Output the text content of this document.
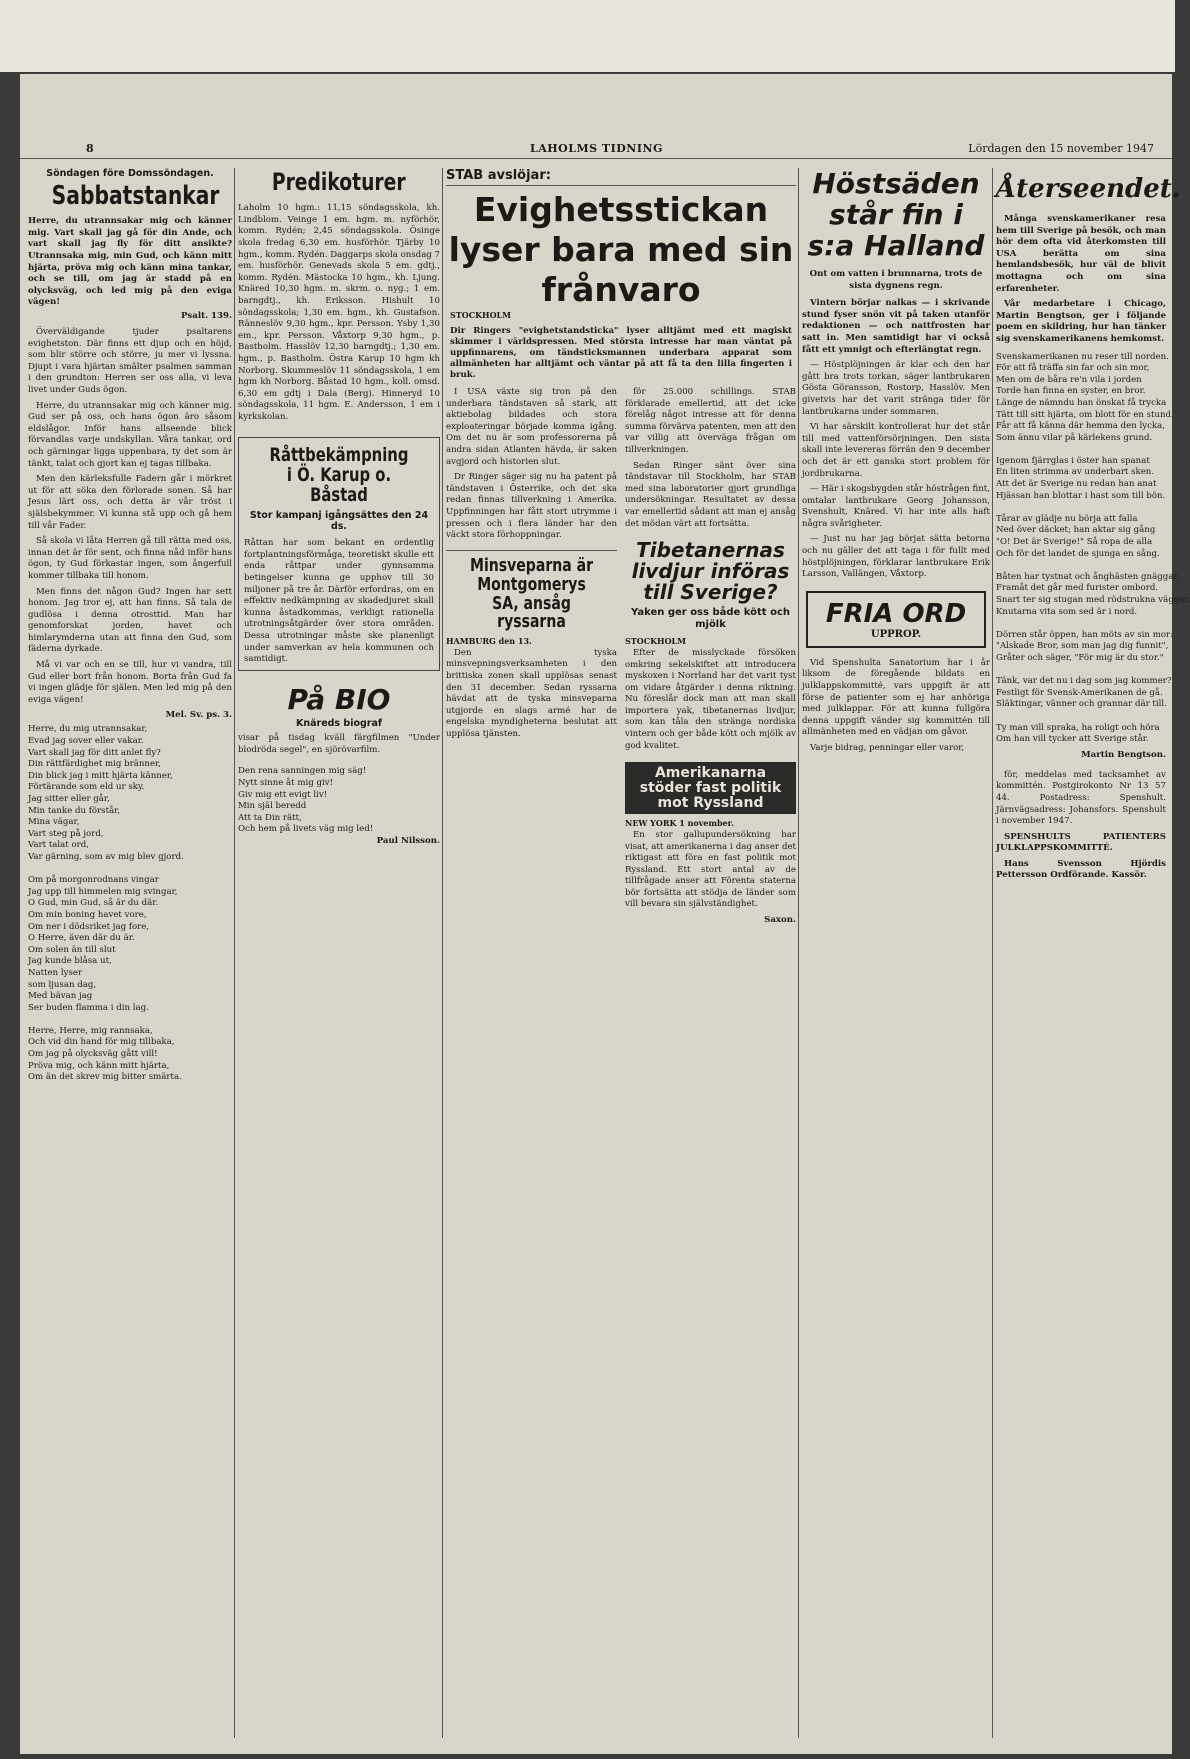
8	LAHOLMS TIDNING	Lördagen den 15 november 1947
Söndagen före Domssöndagen.
Sabbatstankar
Herre, du utrannsakar mig och känner mig. Vart skall jag gå för din Ande, och vart skall jag fly för ditt ansikte? Utrannsaka mig, min Gud, och känn mitt hjärta, pröva mig och känn mina tankar, och se till, om jag är stadd på en olycksväg, och led mig på den eviga vägen!
Psalt. 139.

Överväldigande tjuder psaltarens evighetston. Där finns ett djup och en höjd, som blir större och större, ju mer vi lyssna. Djupt i vara hjärtan smälter psalmen samman i den grundton: Herren ser oss alla, vi leva livet under Guds ögon.

Herre, du utrannsakar mig och känner mig. Gud ser på oss, och hans ögon äro såsom eldslågor. Inför hans allseende blick förvandlas varje undskyllan. Våra tankar, ord och gärningar ligga uppenbara, ty det som är tänkt, talat och gjort kan ej tagas tillbaka.

Men den kärleksfulle Fadern går i mörkret ut för att söka den förlorade sonen. Så har Jesus lärt oss, och detta är vår tröst i själsbekymmer. Vi kunna stå upp och gå hem till vår Fader.

Så skola vi låta Herren gå till rätta med oss, innan det är för sent, och finna nåd inför hans ögon, ty Gud förkastar ingen, som ångerfull kommer tillbaka till honom.

Men finns det någon Gud? Ingen har sett honom. Jag tror ej, att han finns. Så tala de gudlösa i denna otrosttid. Man har genomforskat jorden, havet och himlarymderna utan att finna den Gud, som fäderna dyrkade.

Må vi var och en se till, hur vi vandra, till Gud eller bort från honom. Borta från Gud fa vi ingen glädje för själen. Men led mig på den eviga vägen!

Mel. Sv. ps. 3.
Herre, du mig utrannsakar,
Evad jag sover eller vakar.
Vart skall jag för ditt anlet fly?
Din rättfärdighet mig bränner,
Din blick jag i mitt hjärta känner,
Förtärande som eld ur sky.
Jag sitter eller går,
Min tanke du förstår,
Mina vägar,
Vart steg på jord,
Vart talat ord,
Var gärning, som av mig blev gjord.

Om på morgonrodnans vingar
Jag upp till himmelen mig svingar,
O Gud, min Gud, så är du där.
Om min boning havet vore,
Om ner i dödsriket jag fore,
O Herre, även där du är.
Om solen än till slut
Jag kunde blåsa ut,
Natten lyser
som ljusan dag,
Med bävan jag
Ser buden flamma i din lag.

Herre, Herre, mig rannsaka,
Och vid din hand för mig tillbaka,
Om jag på olycksväg gått vill!
Pröva mig, och känn mitt hjärta,
Om än det skrev mig bitter smärta.
Predikoturer
Laholm 10 hgm.: 11,15 söndagsskola, kh. Lindblom. Veinge 1 em. hgm. m. nyförhör, komm. Rydén; 2,45 söndagsskola. Ösinge skola fredag 6,30 em. husförhör. Tjärby 10 hgm., komm. Rydén. Daggarps skola onsdag 7 em. husförhör. Genevads skola 5 em. gdtj., komm. Rydén. Mästocka 10 hgm., kh. Ljung. Knäred 10,30 hgm. m. skrm. o. nyg.; 1 em. barngdtj., kh. Eriksson. Hishult 10 söndagsskola; 1,30 em. hgm., kh. Gustafson. Ränneslöv 9,30 hgm., kpr. Persson. Ysby 1,30 em., kpr. Persson. Våxtorp 9,30 hgm., p. Bastholm. Hasslöv 12,30 barngdtj.; 1,30 em. hgm., p. Bastholm. Östra Karup 10 hgm kh Norborg. Skummeslöv 11 söndagsskola, 1 em hgm kh Norborg. Båstad 10 hgm., koll. omsd. 6,30 em gdtj i Dala (Berg). Hinneryd 10 söndagsskola, 11 hgm. E. Andersson, 1 em i kyrkskolan.
Råttbekämpning i Ö. Karup o. Båstad
Stor kampanj igångsättes den 24 ds.
Råttan har som bekant en ordentlig fortplantningsförmåga, teoretiskt skulle ett enda råttpar under gynnsamma betingelser kunna ge upphov till 30 miljoner på tre år. Därför erfordras, om en effektiv nedkämpning av skadedjuret skall kunna åstadkommas, verkligt rationella utrotningsåtgärder över stora områden. Dessa utrotningar måste ske planenligt under samverkan av hela kommunen och samtidigt.
På BIO
Knäreds biograf
visar på tisdag kväll färgfilmen "Under blodröda segel", en sjörövarfilm.
Den rena sanningen mig säg!
Nytt sinne åt mig giv!
Giv mig ett evigt liv!
Min själ beredd
Att ta Din rätt,
Och hem på livets väg mig led!
Paul Nilsson.
STAB avslöjar:
Evighetsstickan lyser bara med sin frånvaro
STOCKHOLM
Dir Ringers "evighetstandsticka" lyser alltjämt med ett magiskt skimmer i världspressen. Med största intresse har man väntat på uppfinnarens, om tändsticksmannen underbara apparat som allmänheten har alltjämt och väntar på att få ta den lilla fingerten i bruk.

I USA växte sig tron på den underbara tändstaven så stark, att aktiebolag bildades och stora exploateringar började komma igång. Om det nu är som professorerna på andra sidan Atlanten hävda, är saken avgjord och historien slut.

Dr Ringer säger sig nu ha patent på tändstaven i Österrike, och det ska redan finnas tillverkning i Amerika. Uppfinningen har fått stort utrymme i pressen och i flera länder har den väckt stora förhoppningar.

Minsveparna är Montgomerys SA, ansåg ryssarna
HAMBURG den 13.

Den tyska minsvepningsverksamheten i den brittiska zonen skall upplösas senast den 31 december. Sedan ryssarna hävdat att de tyska minsveparna utgjorde en slags armé har de engelska myndigheterna beslutat att upplösa tjänsten.

för 25.000 schillings. STAB förklarade emellertid, att det icke förelåg något intresse att för denna summa förvärva patenten, men att den var villig att överväga frågan om tillverkningen.

Sedan Ringer sänt över sina tändstavar till Stockholm, har STAB med sina laboratorier gjort grundliga undersökningar. Resultatet av dessa var emellertid sådant att man ej ansåg det mödan värt att fortsätta.

Tibetanernas livdjur införas till Sverige?
Yaken ger oss både kött och mjölk
STOCKHOLM

Efter de misslyckade försöken omkring sekelskiftet att introducera myskoxen i Norrland har det varit tyst om vidare åtgärder i denna riktning. Nu föreslår dock man att man skall importera yak, tibetanernas livdjur, som kan tåla den stränga nordiska vintern och ger både kött och mjölk av god kvalitet.

Amerikanarna stöder fast politik mot Ryssland
NEW YORK 1 november.

En stor gallupundersökning har visat, att amerikanerna i dag anser det riktigast att föra en fast politik mot Ryssland. Ett stort antal av de tillfrågade anser att Förenta staterna bör fortsätta att stödja de länder som vill bevara sin självständighet.

Saxon.
Höstsäden står fin i s:a Halland
Ont om vatten i brunnarna, trots de sista dygnens regn.

Vintern börjar nalkas — i skrivande stund fyser snön vit på taken utanför redaktionen — och nattfrosten har satt in. Men samtidigt har vi också fått ett ymnigt och efterlängtat regn.

— Höstplöjningen är klar och den har gått bra trots torkan, säger lantbrukaren Gösta Göransson, Rostorp, Hasslöv. Men givetvis har det varit stränga tider för lantbrukarna under sommaren.

Vi har särskilt kontrollerat hur det står till med vattenförsörjningen. Den sista skall inte levereras förrän den 9 december och det är ett ganska stort problem för jordbrukarna.

— Här i skogsbygden står höstrågen fint, omtalar lantbrukare Georg Johansson, Svenshult, Knäred. Vi har inte alls haft några svårigheter.

— Just nu har jag börjat sätta betorna och nu gäller det att taga i för fullt med höstplöjningen, förklarar lantbrukare Erik Larsson, Vallängen, Våxtorp.

FRIA ORD
UPPROP.

Vid Spenshulta Sanatorium har i år liksom de föregående bildats en julklappskommitté, vars uppgift är att förse de patienter som ej har anhöriga med julklappar. För att kunna fullgöra denna uppgift vänder sig kommittén till allmänheten med en vädjan om gåvor.

Varje bidrag, penningar eller varor,

Återseendet.

Många svenskamerikaner resa hem till Sverige på besök, och man hör dem ofta vid återkomsten till USA berätta om sina hemlandsbesök, hur väl de blivit mottagna och om sina erfarenheter.

Vår medarbetare i Chicago, Martin Bengtson, ger i följande poem en skildring, hur han tänker sig svenskamerikanens hemkomst.

Svenskamerikanen nu reser till norden.
För att få träffa sin far och sin mor,
Men om de båra re'n vila i jorden
Torde han finna en syster, en bror.
Länge de nämndu han önskat få trycka
Tätt till sitt hjärta, om blott för en stund.
Får att få känna där hemma den lycka,
Som ännu vilar på kärlekens grund.

Igenom fjärrglas i öster han spanat
En liten strimma av underbart sken.
Att det är Sverige nu redan han anat
Hjässan han blottar i hast som till bön.

Tårar av glädje nu börja att falla
Ned över däcket; han aktar sig gång
"O! Det är Sverige!" Så ropa de alla
Och för det landet de sjunga en sång.

Båten har tystnat och ånghästen gnäggar,
Framåt det går med furister ombord.
Snart ter sig stugan med rödstrukna väggar,
Knutarna vita som sed är i nord.

Dörren står öppen, han möts av sin mor:
"Alskade Bror, som man jag dig funnit",
Gråter och säger, "För mig är du stor."

Tänk, var det nu i dag som jag kommer?
Festligt för Svensk-Amerikanen de gå.
Släktingar, vänner och grannar där till.

Ty man vill spraka, ha roligt och höra
Om han vill tycker att Sverige står.
Martin Bengtson.

för, meddelas med tacksamhet av kommittén. Postgirokonto Nr 13 57 44. Postadress: Spenshult. Järnvägsadress: Johansfors. Spenshult i november 1947.

SPENSHULTS PATIENTERS JULKLAPPSKOMMITTÉ.

Hans Svensson Hjördis Pettersson Ordförande. Kassör.
